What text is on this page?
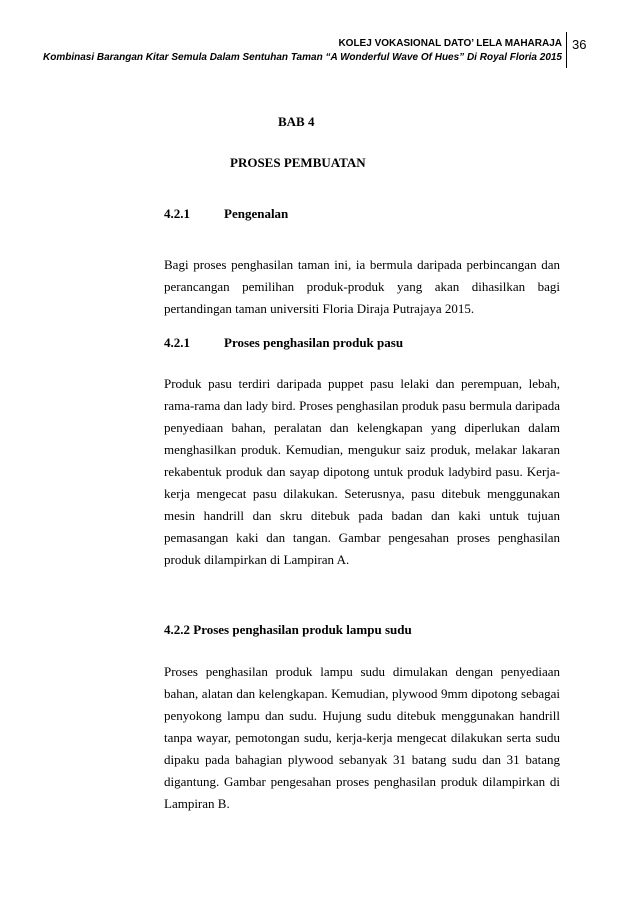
KOLEJ VOKASIONAL DATO’ LELA MAHARAJA
Kombinasi Barangan Kitar Semula Dalam Sentuhan Taman “A Wonderful Wave Of Hues” Di Royal Floria 2015
36
BAB 4
PROSES PEMBUATAN
4.2.1	Pengenalan
Bagi proses penghasilan taman ini, ia bermula daripada perbincangan dan perancangan pemilihan produk-produk yang akan dihasilkan bagi pertandingan taman universiti Floria Diraja Putrajaya 2015.
4.2.1	Proses penghasilan produk pasu
Produk pasu terdiri daripada puppet pasu lelaki dan perempuan, lebah, rama-rama dan lady bird. Proses penghasilan produk pasu bermula daripada penyediaan bahan, peralatan dan kelengkapan yang diperlukan dalam menghasilkan produk. Kemudian, mengukur saiz produk, melakar lakaran rekabentuk produk dan sayap dipotong untuk produk ladybird pasu. Kerja-kerja mengecat pasu dilakukan. Seterusnya, pasu ditebuk menggunakan mesin handrill dan skru ditebuk pada badan dan kaki untuk tujuan pemasangan kaki dan tangan. Gambar pengesahan proses penghasilan produk dilampirkan di Lampiran A.
4.2.2 Proses penghasilan produk lampu sudu
Proses penghasilan produk lampu sudu dimulakan dengan penyediaan bahan, alatan dan kelengkapan. Kemudian, plywood 9mm dipotong sebagai penyokong lampu dan sudu. Hujung sudu ditebuk menggunakan handrill tanpa wayar, pemotongan sudu, kerja-kerja mengecat dilakukan serta sudu dipaku pada bahagian plywood sebanyak 31 batang sudu dan 31 batang digantung. Gambar pengesahan proses penghasilan produk dilampirkan di Lampiran B.
